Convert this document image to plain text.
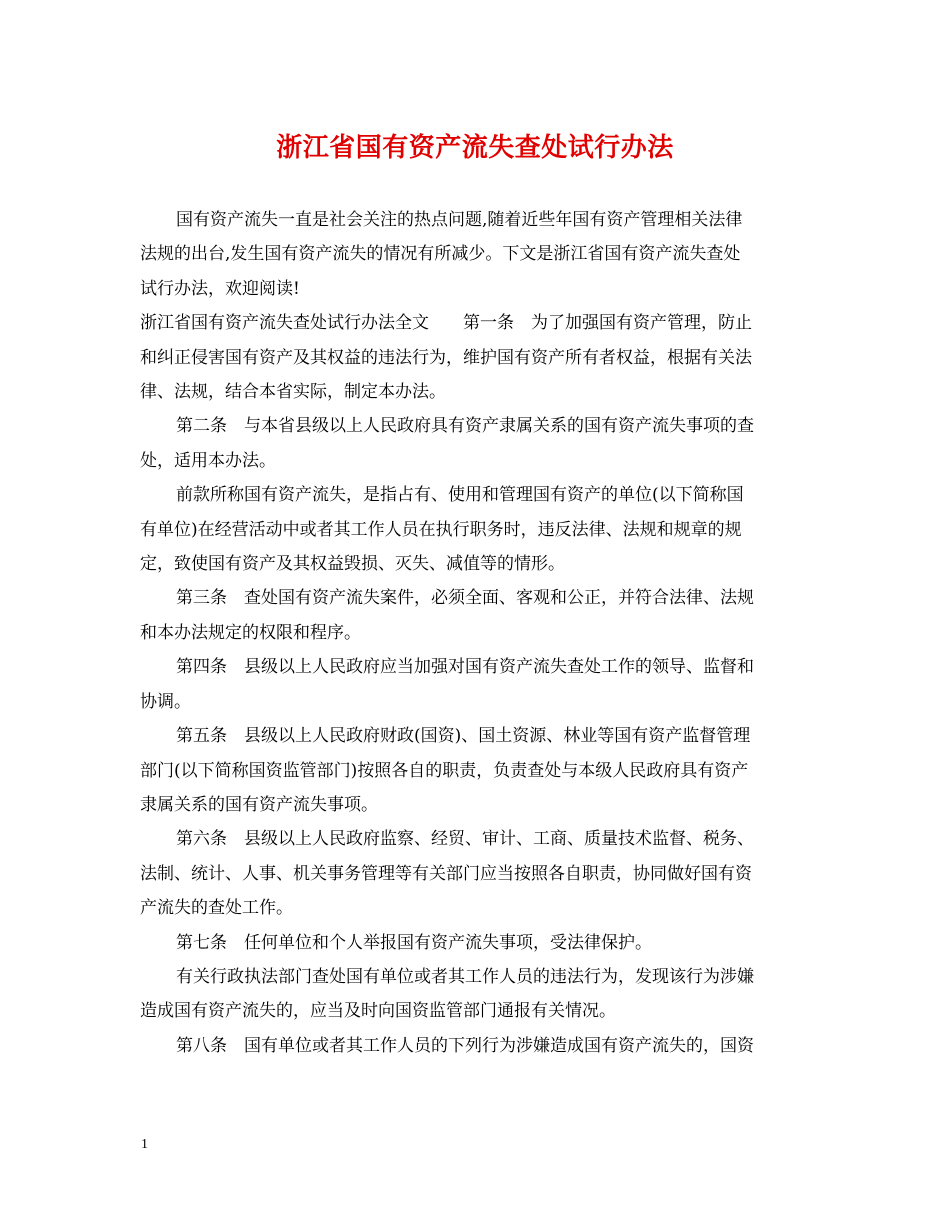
浙江省国有资产流失查处试行办法

国有资产流失一直是社会关注的热点问题,随着近些年国有资产管理相关法律
法规的出台,发生国有资产流失的情况有所减少。下文是浙江省国有资产流失查处
试行办法，欢迎阅读!

浙江省国有资产流失查处试行办法全文　　第一条　为了加强国有资产管理，防止
和纠正侵害国有资产及其权益的违法行为，维护国有资产所有者权益，根据有关法
律、法规，结合本省实际，制定本办法。

第二条　与本省县级以上人民政府具有资产隶属关系的国有资产流失事项的查
处，适用本办法。

前款所称国有资产流失，是指占有、使用和管理国有资产的单位(以下简称国
有单位)在经营活动中或者其工作人员在执行职务时，违反法律、法规和规章的规
定，致使国有资产及其权益毁损、灭失、减值等的情形。

第三条　查处国有资产流失案件，必须全面、客观和公正，并符合法律、法规
和本办法规定的权限和程序。

第四条　县级以上人民政府应当加强对国有资产流失查处工作的领导、监督和
协调。

第五条　县级以上人民政府财政(国资)、国土资源、林业等国有资产监督管理
部门(以下简称国资监管部门)按照各自的职责，负责查处与本级人民政府具有资产
隶属关系的国有资产流失事项。

第六条　县级以上人民政府监察、经贸、审计、工商、质量技术监督、税务、
法制、统计、人事、机关事务管理等有关部门应当按照各自职责，协同做好国有资
产流失的查处工作。

第七条　任何单位和个人举报国有资产流失事项，受法律保护。

有关行政执法部门查处国有单位或者其工作人员的违法行为，发现该行为涉嫌
造成国有资产流失的，应当及时向国资监管部门通报有关情况。

第八条　国有单位或者其工作人员的下列行为涉嫌造成国有资产流失的，国资

1
